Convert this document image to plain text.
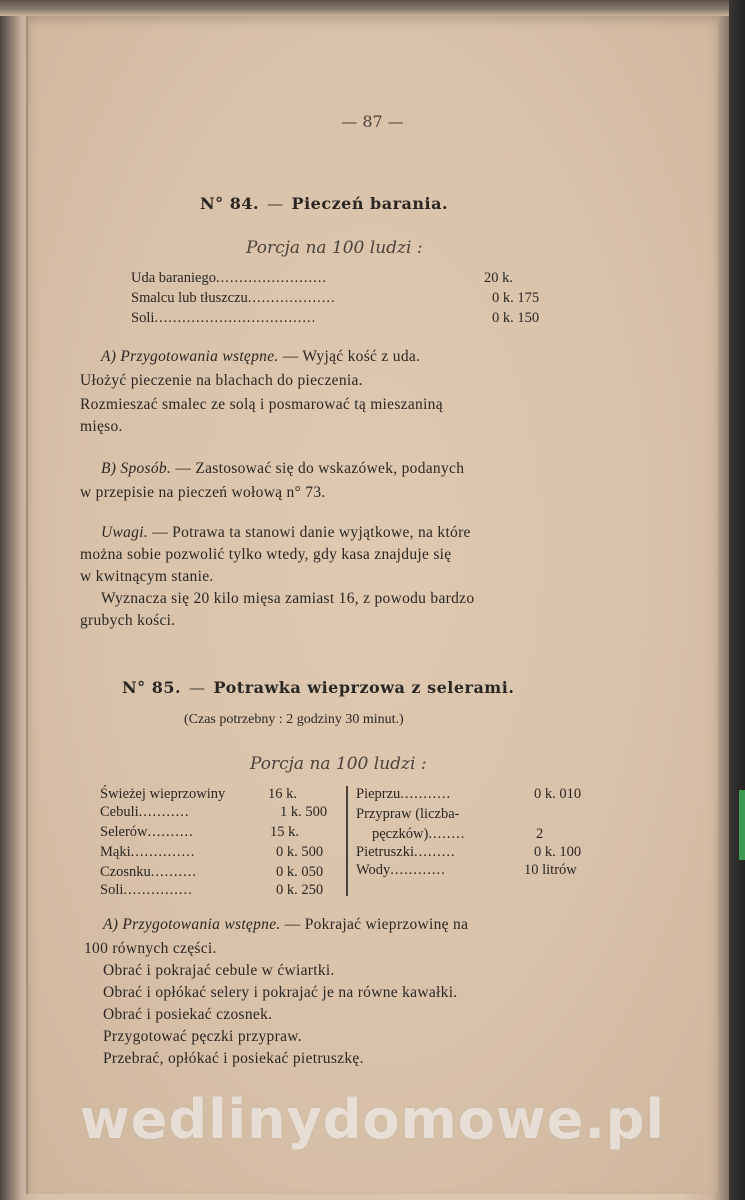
— 87 —
N° 84. — Pieczeń barania.
Porcja na 100 ludzi :
Uda baraniego........................	20 k.
Smalcu lub tłuszczu...................	0 k. 175
Soli...................................	0 k. 150
A) Przygotowania wstępne. — Wyjąć kość z uda.
Ułożyć pieczenie na blachach do pieczenia.
Rozmieszać smalec ze solą i posmarować tą mieszaniną
mięso.
B) Sposób. — Zastosować się do wskazówek, podanych
w przepisie na pieczeń wołową n° 73.
Uwagi. — Potrawa ta stanowi danie wyjątkowe, na które
można sobie pozwolić tylko wtedy, gdy kasa znajduje się
w kwitnącym stanie.
Wyznacza się 20 kilo mięsa zamiast 16, z powodu bardzo
grubych kości.
N° 85. — Potrawka wieprzowa z selerami.
(Czas potrzebny : 2 godziny 30 minut.)
Porcja na 100 ludzi :
Świeżej wieprzowiny	16 k.
Cebuli...........	1 k. 500
Selerów..........	15 k.
Mąki..............	0 k. 500
Czosnku..........	0 k. 050
Soli...............	0 k. 250
Pieprzu...........	0 k. 010
Przypraw (liczba-
pęczków)........	2
Pietruszki.........	0 k. 100
Wody............	10 litrów
A) Przygotowania wstępne. — Pokrajać wieprzowinę na
100 równych części.
Obrać i pokrajać cebule w ćwiartki.
Obrać i opłókać selery i pokrajać je na równe kawałki.
Obrać i posiekać czosnek.
Przygotować pęczki przypraw.
Przebrać, opłókać i posiekać pietruszkę.
wedlinydomowe.pl
